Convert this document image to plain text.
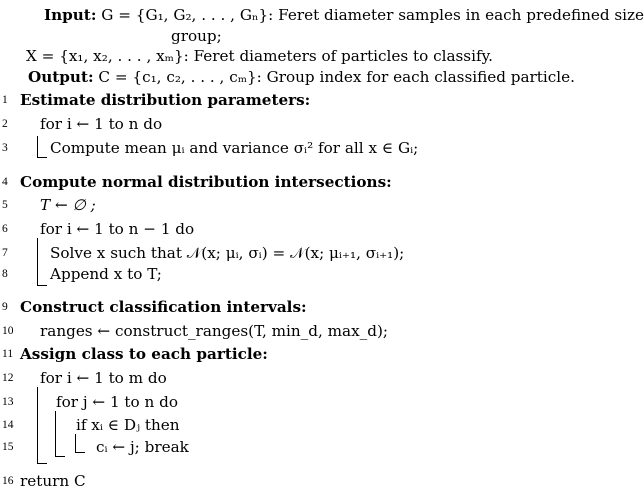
Input: G = {G₁, G₂, . . . , Gₙ}: Feret diameter samples in each predefined size
group;
X = {x₁, x₂, . . . , xₘ}: Feret diameters of particles to classify.
Output: C = {c₁, c₂, . . . , cₘ}: Group index for each classified particle.
1 Estimate distribution parameters:
2	for i ← 1 to n do
3	Compute mean μᵢ and variance σᵢ² for all x ∈ Gᵢ;
4 Compute normal distribution intersections:
5	T ← ∅ ;
6	for i ← 1 to n − 1 do
7	Solve x such that 𝒩(x; μᵢ, σᵢ) = 𝒩(x; μᵢ₊₁, σᵢ₊₁);
8	Append x to T;
9 Construct classification intervals:
10 ranges ← construct_ranges(T, min_d, max_d);
11 Assign class to each particle:
12 for i ← 1 to m do
13	for j ← 1 to n do
14	if xᵢ ∈ Dⱼ then
15	cᵢ ← j; break
16 return C
